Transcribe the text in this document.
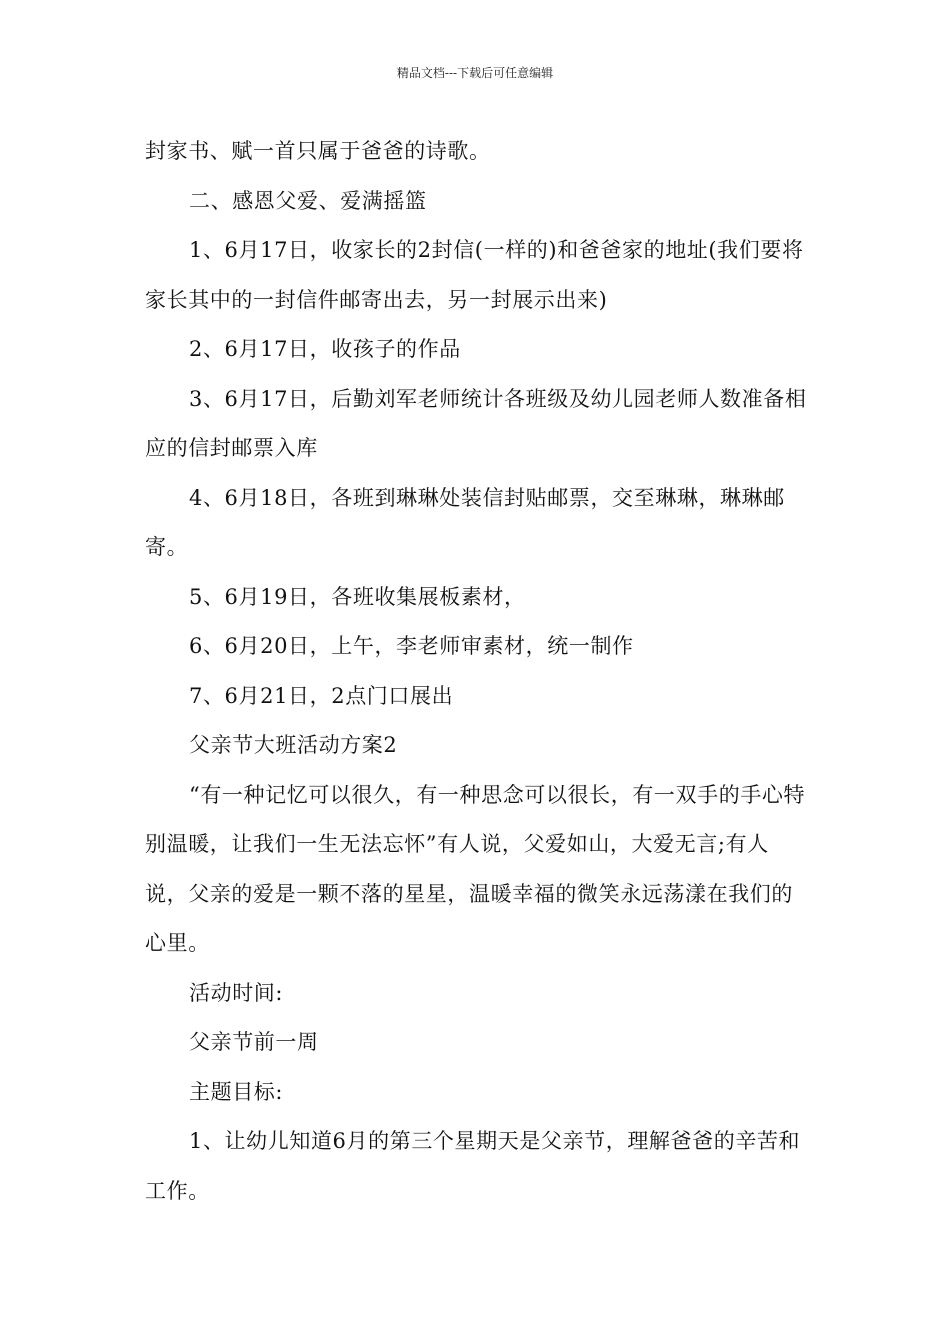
精品文档---下载后可任意编辑

封家书、赋一首只属于爸爸的诗歌。

二、感恩父爱、爱满摇篮

1、6月17日，收家长的2封信(一样的)和爸爸家的地址(我们要将家长其中的一封信件邮寄出去，另一封展示出来)

2、6月17日，收孩子的作品

3、6月17日，后勤刘军老师统计各班级及幼儿园老师人数准备相应的信封邮票入库

4、6月18日，各班到琳琳处装信封贴邮票，交至琳琳，琳琳邮寄。

5、6月19日，各班收集展板素材，

6、6月20日，上午，李老师审素材，统一制作

7、6月21日，2点门口展出

父亲节大班活动方案2

“有一种记忆可以很久，有一种思念可以很长，有一双手的手心特别温暖，让我们一生无法忘怀”有人说，父爱如山，大爱无言;有人说，父亲的爱是一颗不落的星星，温暖幸福的微笑永远荡漾在我们的心里。

活动时间:

父亲节前一周

主题目标:

1、让幼儿知道6月的第三个星期天是父亲节，理解爸爸的辛苦和工作。
